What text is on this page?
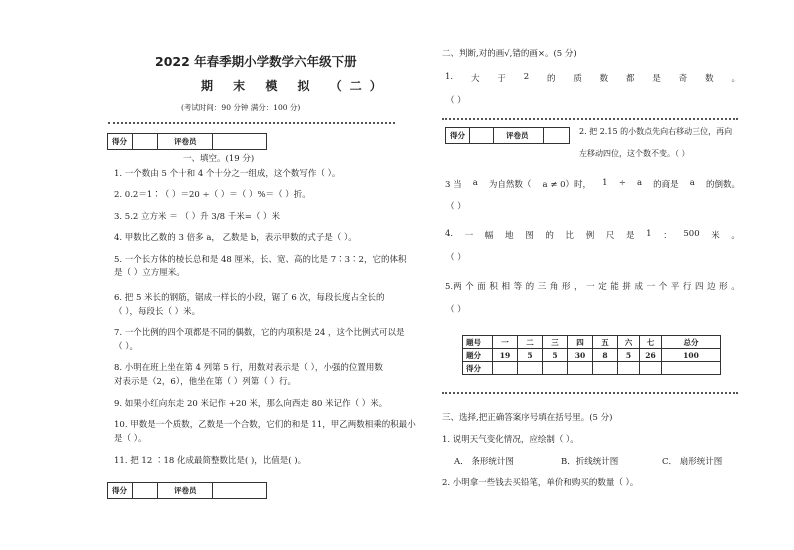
2022 年春季期小学数学六年级下册
期 末 模 拟 （二）
(考试时间：90 分钟 满分：100 分)
得分		评卷员	
一、填空。(19 分)
1. 一个数由 5 个十和 4 个十分之一组成，这个数写作（ ）。
2. 0.2＝1∶（ ）＝20 ÷（ ）＝（ ）%＝（ ）折。
3. 5.2 立方米 ＝ （ ）升 3/8 千米=（ ）米
4. 甲数比乙数的 3 倍多 a， 乙数是 b，表示甲数的式子是（ ）。
5. 一个长方体的棱长总和是 48 厘米，长、宽、高的比是 7∶3∶2，它的体积
是（ ）立方厘米。
6. 把 5 米长的钢筋，锯成一样长的小段，锯了 6 次，每段长度占全长的
（ ），每段长（ ）米。
7. 一个比例的四个项都是不同的偶数，它的内项积是 24 ，这个比例式可以是
（ ）。
8. 小明在班上坐在第 4 列第 5 行，用数对表示是（ ），小强的位置用数
对表示是（2，6），他坐在第（ ）列第（ ）行。
9. 如果小红向东走 20 米记作 +20 米，那么向西走 80 米记作（ ）米。
10. 甲数是一个质数，乙数是一个合数，它们的和是 11，甲乙两数相乘的积最小
是（ ）。
11. 把 12 ∶18 化成最简整数比是( )，比值是( )。
得分		评卷员	
二、判断,对的画√,错的画×。(5 分)
1. 大 于 2 的 质 数 都 是 奇 数 。
（ ）
得分		评卷员		2. 把 2.15 的小数点先向右移动三位，再向
左移动四位，这个数不变。（ ）
3 当 a 为自然数（ a ≠ 0）时， 1 ÷ a 的商是 a 的倒数。
（ ）
4. 一 幅 地 图 的 比 例 尺 是 1 ： 500 米 。
（ ）
5.两 个 面 积 相 等 的 三 角 形 ， 一 定 能 拼 成 一 个 平 行 四 边 形 。
（ ）
题号	一	二	三	四	五	六	七	总分
题分	19	5	5	30	8	5	26	100
得分								
三、选择,把正确答案序号填在括号里。(5 分)
1. 说明天气变化情况，应绘制（ ）。
A． 条形统计图	B．折线统计图	C． 扇形统计图
2. 小明拿一些钱去买铅笔，单价和购买的数量（ ）。
